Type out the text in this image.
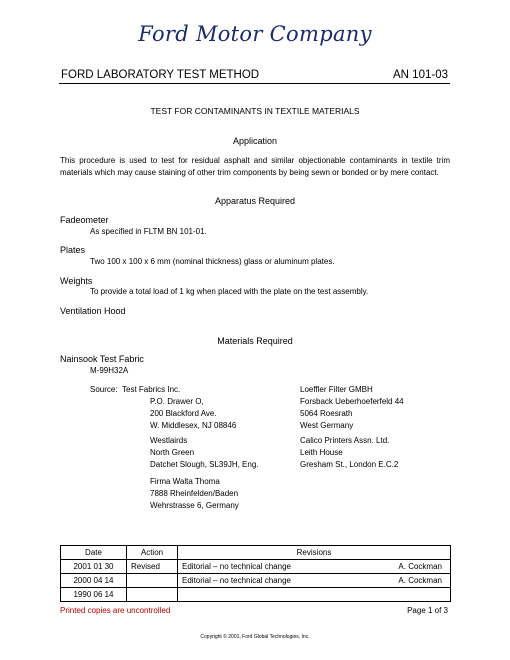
Ford Motor Company
FORD LABORATORY TEST METHOD	AN 101-03
TEST FOR CONTAMINANTS IN TEXTILE MATERIALS
Application
This procedure is used to test for residual asphalt and similar objectionable contaminants in textile trim materials which may cause staining of other trim components by being sewn or bonded or by mere contact.
Apparatus Required
Fadeometer
As specified in FLTM BN 101-01.
Plates
Two 100 x 100 x 6 mm (nominal thickness) glass or aluminum plates.
Weights
To provide a total load of 1 kg when placed with the plate on the test assembly.
Ventilation Hood
Materials Required
Nainsook Test Fabric
M-99H32A
Source: Test Fabrics Inc.
P.O. Drawer O,
200 Blackford Ave.
W. Middlesex, NJ 08846
Loeffler Filter GMBH
Forsback Ueberhoeferfeld 44
5064 Roesrath
West Germany
Westlairds
North Green
Datchet Slough, SL39JH, Eng.
Calico Printers Assn. Ltd.
Leith House
Gresham St., London E.C.2
Firma Walta Thoma
7888 Rheinfelden/Baden
Wehrstrasse 6, Germany
Date	Action	Revisions	
2001 01 30	Revised	Editorial – no technical change	A. Cockman
2000 04 14		Editorial – no technical change	A. Cockman
1990 06 14			
Printed copies are uncontrolled	Page 1 of 3
Copyright © 2001, Ford Global Technologies, Inc.
